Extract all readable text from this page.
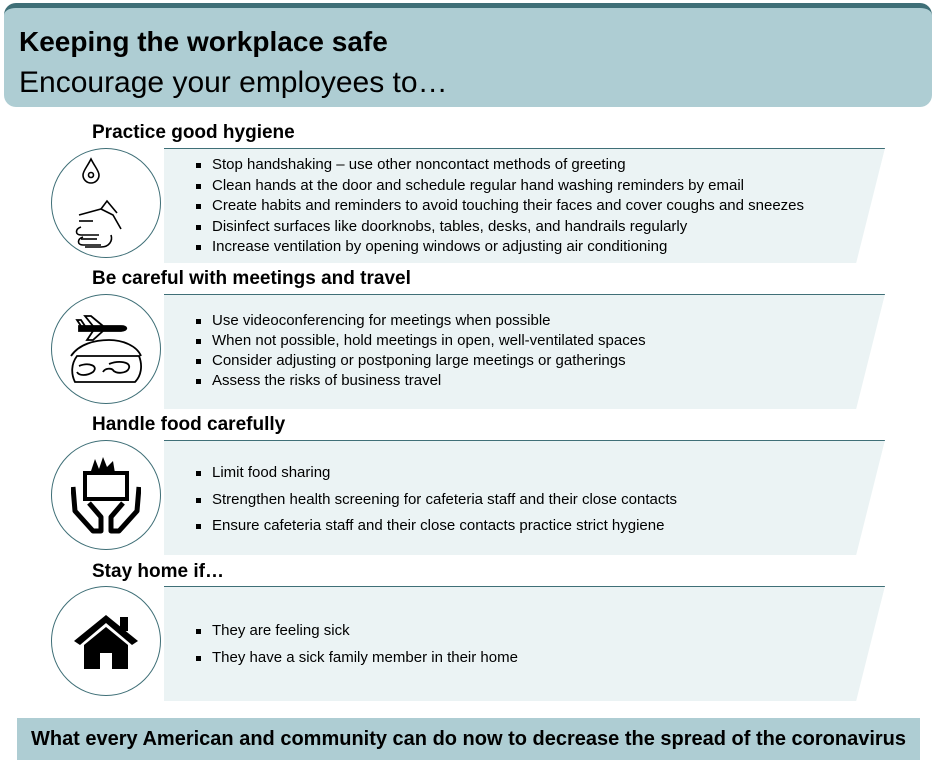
Keeping the workplace safe
Encourage your employees to…
Practice good hygiene
Stop handshaking – use other noncontact methods of greeting
Clean hands at the door and schedule regular hand washing reminders by email
Create habits and reminders to avoid touching their faces and cover coughs and sneezes
Disinfect surfaces like doorknobs, tables, desks, and handrails regularly
Increase ventilation by opening windows or adjusting air conditioning
Be careful with meetings and travel
Use videoconferencing for meetings when possible
When not possible, hold meetings in open, well-ventilated spaces
Consider adjusting or postponing large meetings or gatherings
Assess the risks of business travel
Handle food carefully
Limit food sharing
Strengthen health screening for cafeteria staff and their close contacts
Ensure cafeteria staff and their close contacts practice strict hygiene
Stay home if…
They are feeling sick
They have a sick family member in their home
What every American and community can do now to decrease the spread of the coronavirus
